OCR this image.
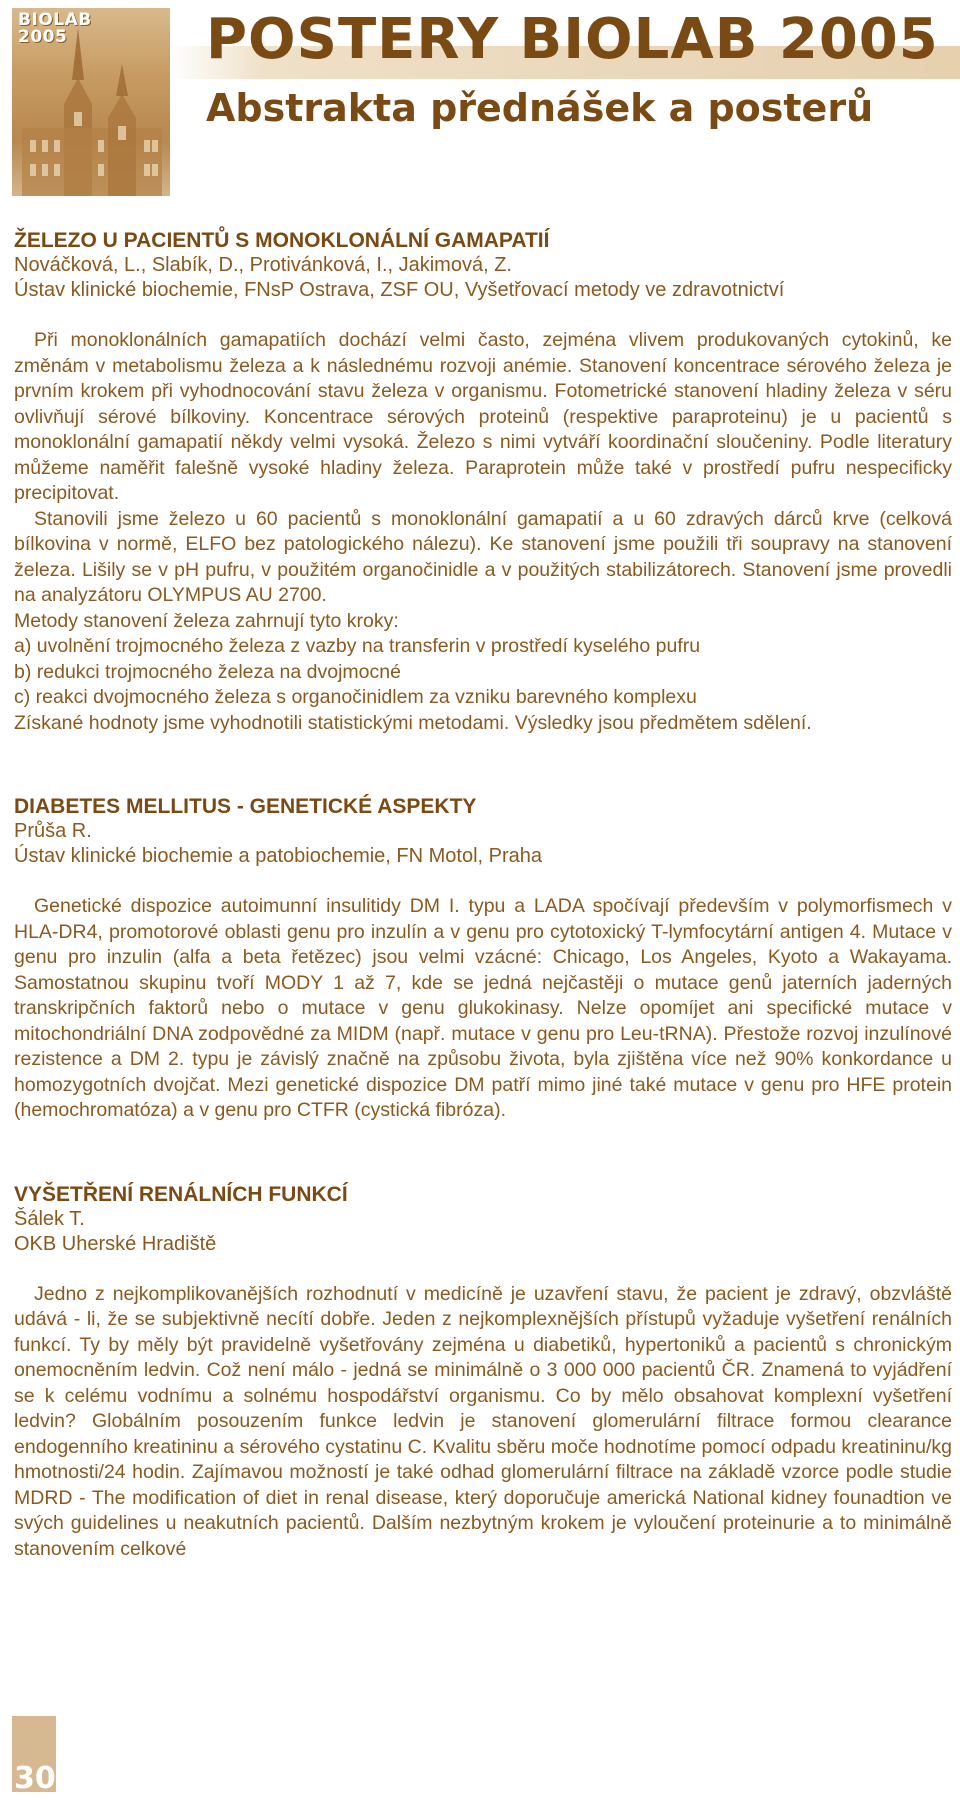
BIOLAB
2005	POSTERY BIOLAB 2005
Abstrakta přednášek a posterů

ŽELEZO U PACIENTŮ S MONOKLONÁLNÍ GAMAPATIÍ

Nováčková, L., Slabík, D., Protivánková, I., Jakimová, Z.

Ústav klinické biochemie, FNsP Ostrava, ZSF OU, Vyšetřovací metody ve zdravotnictví

Při monoklonálních gamapatiích dochází velmi často, zejména vlivem produkovaných cytokinů, ke změnám v metabolismu železa a k následnému rozvoji anémie. Stanovení koncentrace sérového železa je prvním krokem při vyhodnocování stavu železa v organismu. Fotometrické stanovení hladiny železa v séru ovlivňují sérové bílkoviny. Koncentrace sérových proteinů (respektive paraproteinu) je u pacientů s monoklonální gamapatií někdy velmi vysoká. Železo s nimi vytváří koordinační sloučeniny. Podle literatury můžeme naměřit falešně vysoké hladiny železa. Paraprotein může také v prostředí pufru nespecificky precipitovat.

Stanovili jsme železo u 60 pacientů s monoklonální gamapatií a u 60 zdravých dárců krve (celková bílkovina v normě, ELFO bez patologického nálezu). Ke stanovení jsme použili tři soupravy na stanovení železa. Lišily se v pH pufru, v použitém organočinidle a v použitých stabilizátorech. Stanovení jsme provedli na analyzátoru OLYMPUS AU 2700.

Metody stanovení železa zahrnují tyto kroky:

a) uvolnění trojmocného železa z vazby na transferin v prostředí kyselého pufru

b) redukci trojmocného železa na dvojmocné

c) reakci dvojmocného železa s organočinidlem za vzniku barevného komplexu

Získané hodnoty jsme vyhodnotili statistickými metodami. Výsledky jsou předmětem sdělení.

DIABETES MELLITUS - GENETICKÉ ASPEKTY

Průša R.

Ústav klinické biochemie a patobiochemie, FN Motol, Praha

Genetické dispozice autoimunní insulitidy DM I. typu a LADA spočívají především v polymorfismech v HLA-DR4, promotorové oblasti genu pro inzulín a v genu pro cytotoxický T-lymfocytární antigen 4. Mutace v genu pro inzulin (alfa a beta řetězec) jsou velmi vzácné: Chicago, Los Angeles, Kyoto a Wakayama. Samostatnou skupinu tvoří MODY 1 až 7, kde se jedná nejčastěji o mutace genů jaterních jaderných transkripčních faktorů nebo o mutace v genu glukokinasy. Nelze opomíjet ani specifické mutace v mitochondriální DNA zodpovědné za MIDM (např. mutace v genu pro Leu-tRNA). Přestože rozvoj inzulínové rezistence a DM 2. typu je závislý značně na způsobu života, byla zjištěna více než 90% konkordance u homozygotních dvojčat. Mezi genetické dispozice DM patří mimo jiné také mutace v genu pro HFE protein (hemochromatóza) a v genu pro CTFR (cystická fibróza).

VYŠETŘENÍ RENÁLNÍCH FUNKCÍ

Šálek T.

OKB Uherské Hradiště

Jedno z nejkomplikovanějších rozhodnutí v medicíně je uzavření stavu, že pacient je zdravý, obzvláště udává - li, že se subjektivně necítí dobře. Jeden z nejkomplexnějších přístupů vyžaduje vyšetření renálních funkcí. Ty by měly být pravidelně vyšetřovány zejména u diabetiků, hypertoniků a pacientů s chronickým onemocněním ledvin. Což není málo - jedná se minimálně o 3 000 000 pacientů ČR. Znamená to vyjádření se k celému vodnímu a solnému hospodářství organismu. Co by mělo obsahovat komplexní vyšetření ledvin? Globálním posouzením funkce ledvin je stanovení glomerulární filtrace formou clearance endogenního kreatininu a sérového cystatinu C. Kvalitu sběru moče hodnotíme pomocí odpadu kreatininu/kg hmotnosti/24 hodin. Zajímavou možností je také odhad glomerulární filtrace na základě vzorce podle studie MDRD - The modification of diet in renal disease, který doporučuje americká National kidney founadtion ve svých guidelines u neakutních pacientů. Dalším nezbytným krokem je vyloučení proteinurie a to minimálně stanovením celkové

30
